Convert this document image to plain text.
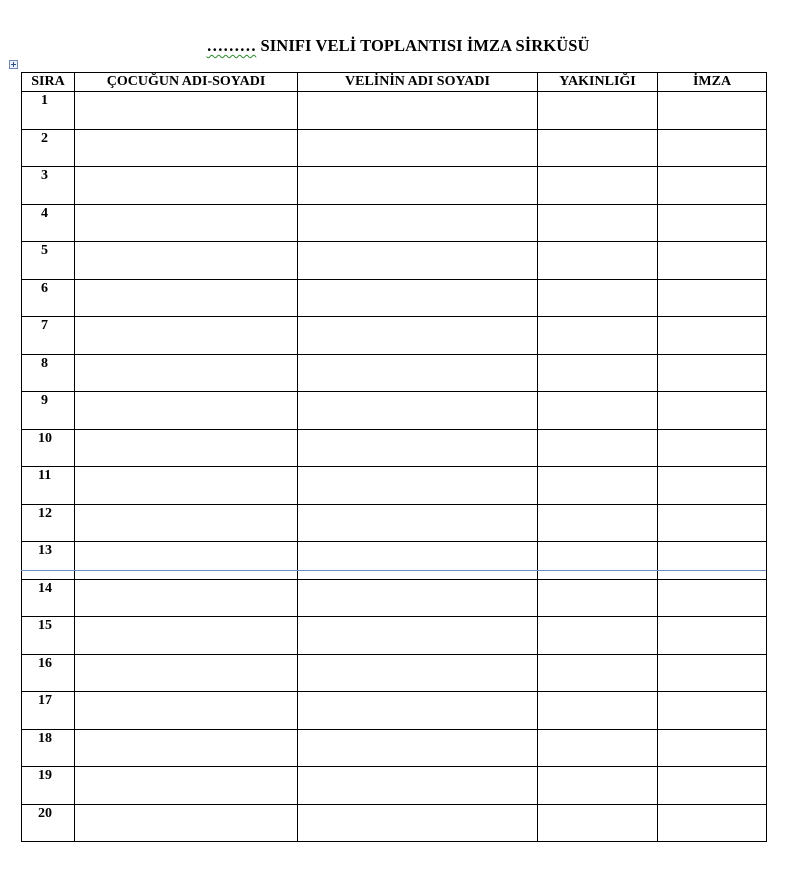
……… SINIFI VELİ TOPLANTISI İMZA SİRKÜSÜ
SIRA	ÇOCUĞUN ADI-SOYADI	VELİNİN ADI SOYADI	YAKINLIĞI	İMZA
1				
2				
3				
4				
5				
6				
7				
8				
9				
10				
11				
12				
13				
14				
15				
16				
17				
18				
19				
20				
